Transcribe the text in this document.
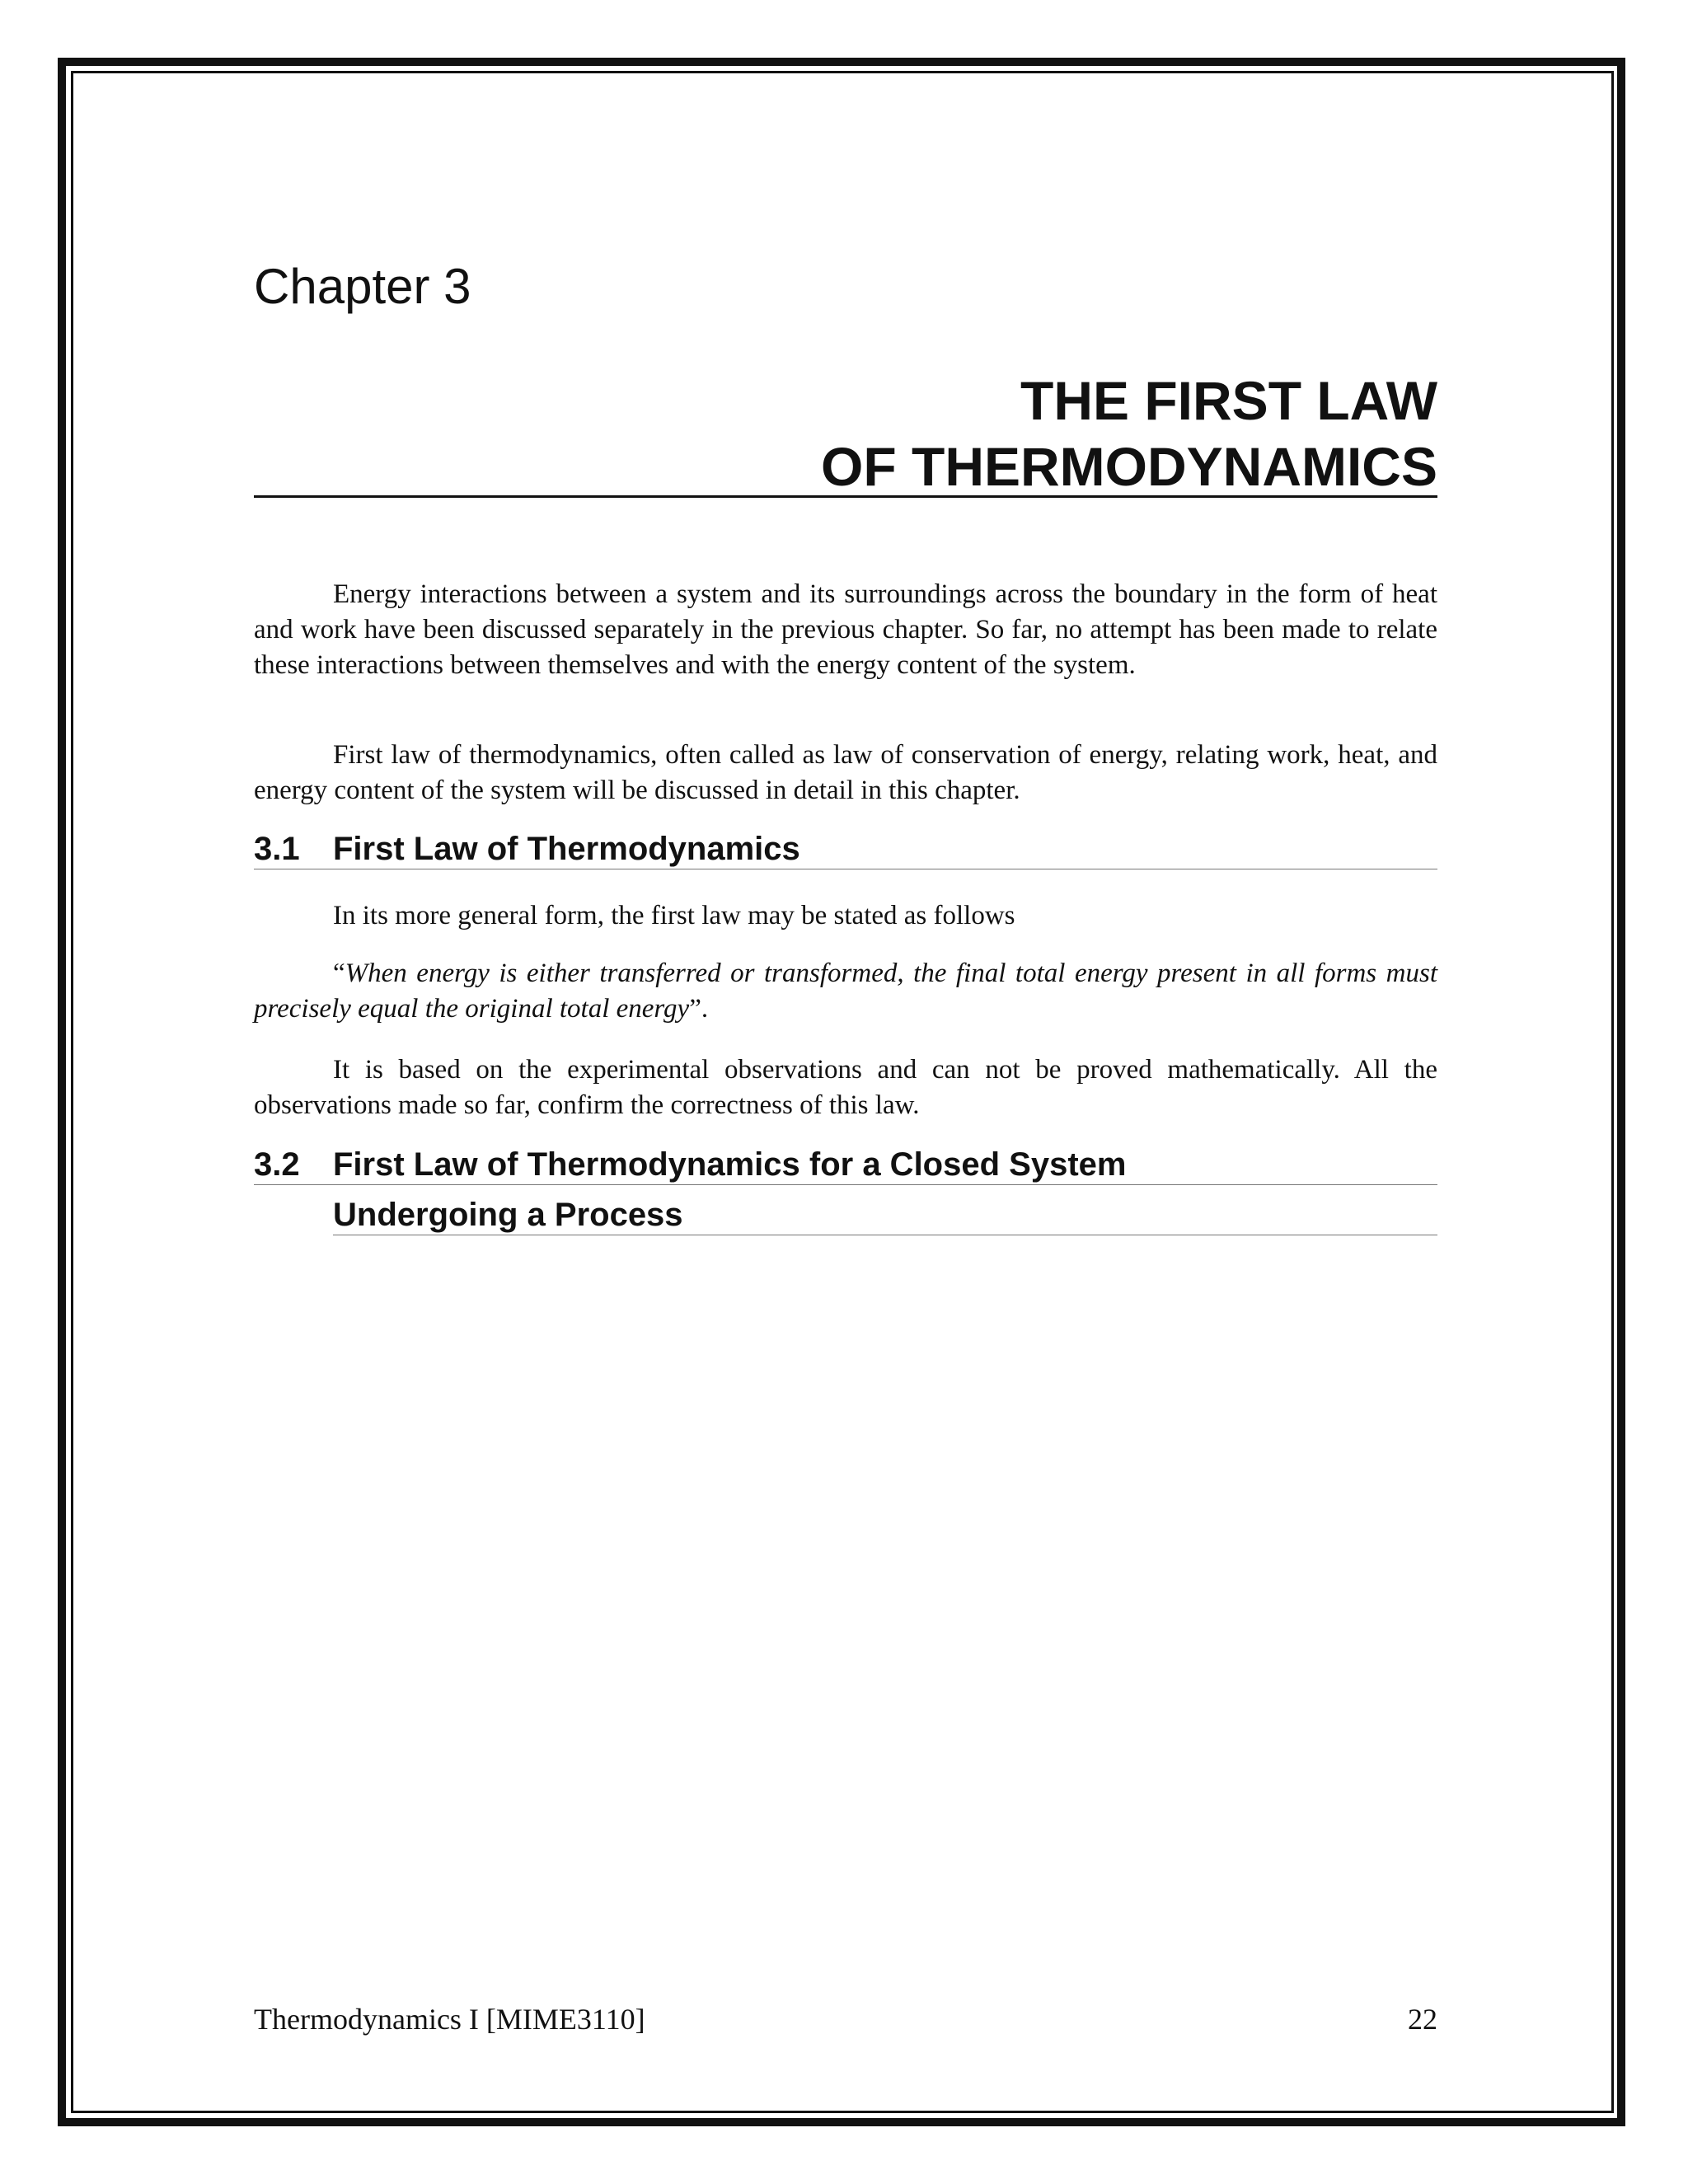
Chapter 3

THE FIRST LAW
OF THERMODYNAMICS

Energy interactions between a system and its surroundings across the boundary in the form of heat and work have been discussed separately in the previous chapter. So far, no attempt has been made to relate these interactions between themselves and with the energy content of the system.

First law of thermodynamics, often called as law of conservation of energy, relating work, heat, and energy content of the system will be discussed in detail in this chapter.

3.1 First Law of Thermodynamics

In its more general form, the first law may be stated as follows

“When energy is either transferred or transformed, the final total energy present in all forms must precisely equal the original total energy”.

It is based on the experimental observations and can not be proved mathematically. All the observations made so far, confirm the correctness of this law.

3.2 First Law of Thermodynamics for a Closed System
Undergoing a Process

Thermodynamics I [MIME3110]	22
